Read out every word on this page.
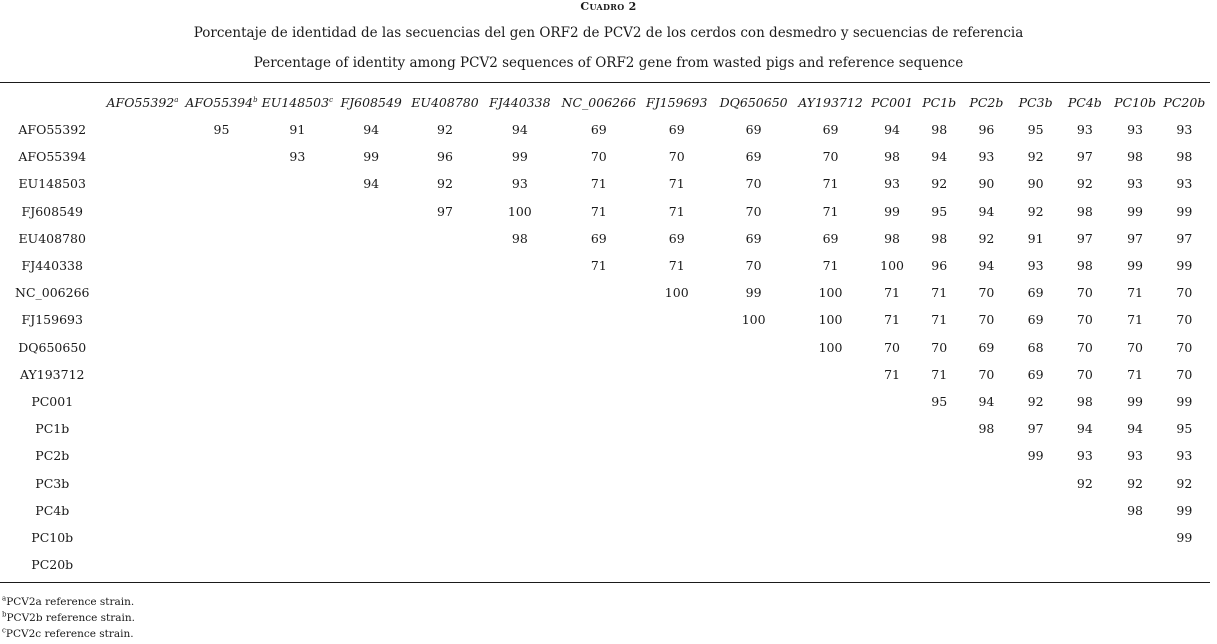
Cuadro 2
Porcentaje de identidad de las secuencias del gen ORF2 de PCV2 de los cerdos con desmedro y secuencias de referencia
Percentage of identity among PCV2 sequences of ORF2 gene from wasted pigs and reference sequence
	AFO55392$^a$	AFO55394$^b$	EU148503$^c$	FJ608549	EU408780	FJ440338	NC_006266	FJ159693	DQ650650	AY193712	PC001	PC1b	PC2b	PC3b	PC4b	PC10b	PC20b
AFO55392		95	91	94	92	94	69	69	69	69	94	98	96	95	93	93	93
AFO55394			93	99	96	99	70	70	69	70	98	94	93	92	97	98	98
EU148503				94	92	93	71	71	70	71	93	92	90	90	92	93	93
FJ608549					97	100	71	71	70	71	99	95	94	92	98	99	99
EU408780						98	69	69	69	69	98	98	92	91	97	97	97
FJ440338							71	71	70	71	100	96	94	93	98	99	99
NC_006266								100	99	100	71	71	70	69	70	71	70
FJ159693									100	100	71	71	70	69	70	71	70
DQ650650										100	70	70	69	68	70	70	70
AY193712											71	71	70	69	70	71	70
PC001												95	94	92	98	99	99
PC1b													98	97	94	94	95
PC2b														99	93	93	93
PC3b															92	92	92
PC4b																98	99
PC10b																	99
PC20b																	
$^a$PCV2a reference strain.
$^b$PCV2b reference strain.
$^c$PCV2c reference strain.
